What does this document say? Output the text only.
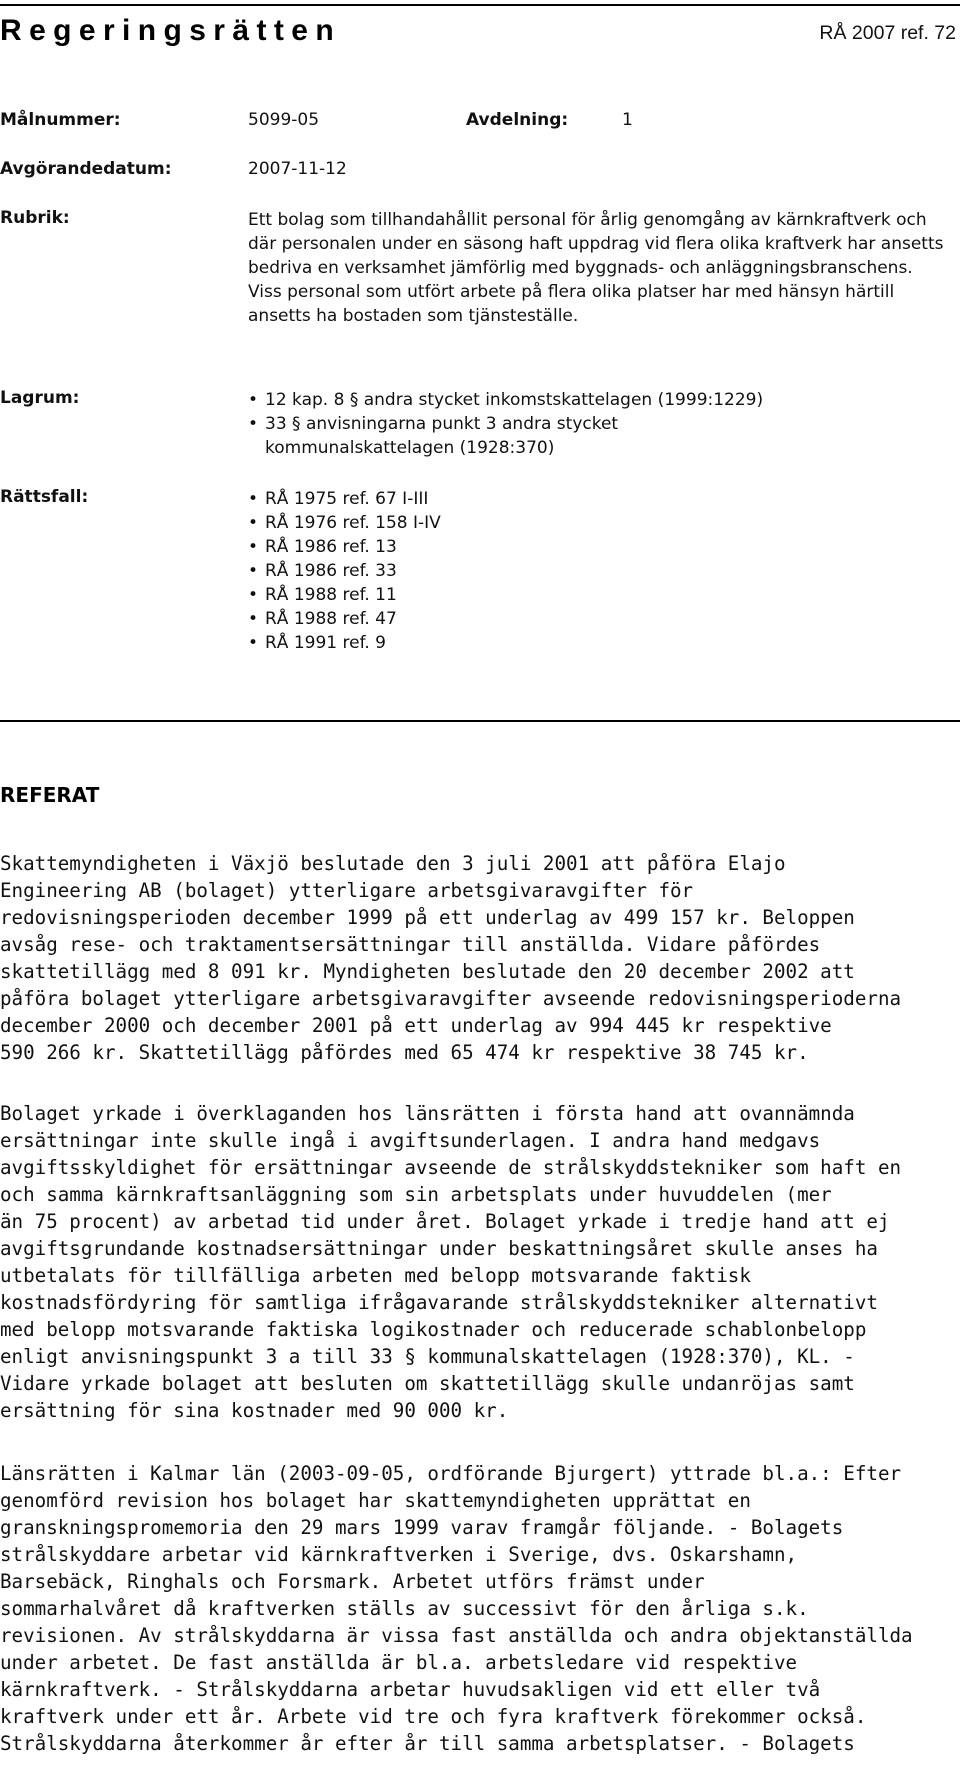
Regeringsrätten	RÅ 2007 ref. 72
Målnummer:	5099-05	Avdelning:	1
Avgörandedatum:	2007-11-12
Rubrik:	Ett bolag som tillhandahållit personal för årlig genomgång av kärnkraftverk och där personalen under en säsong haft uppdrag vid flera olika kraftverk har ansetts bedriva en verksamhet jämförlig med byggnads- och anläggningsbranschens. Viss personal som utfört arbete på flera olika platser har med hänsyn härtill ansetts ha bostaden som tjänsteställe.
Lagrum:	• 12 kap. 8 § andra stycket inkomstskattelagen (1999:1229)
• 33 § anvisningarna punkt 3 andra stycket
kommunalskattelagen (1928:370)
Rättsfall:	• RÅ 1975 ref. 67 I-III
• RÅ 1976 ref. 158 I-IV
• RÅ 1986 ref. 13
• RÅ 1986 ref. 33
• RÅ 1988 ref. 11
• RÅ 1988 ref. 47
• RÅ 1991 ref. 9
REFERAT
Skattemyndigheten i Växjö beslutade den 3 juli 2001 att påföra Elajo
Engineering AB (bolaget) ytterligare arbetsgivaravgifter för
redovisningsperioden december 1999 på ett underlag av 499 157 kr. Beloppen
avsåg rese- och traktamentsersättningar till anställda. Vidare påfördes
skattetillägg med 8 091 kr. Myndigheten beslutade den 20 december 2002 att
påföra bolaget ytterligare arbetsgivaravgifter avseende redovisningsperioderna
december 2000 och december 2001 på ett underlag av 994 445 kr respektive
590 266 kr. Skattetillägg påfördes med 65 474 kr respektive 38 745 kr.
Bolaget yrkade i överklaganden hos länsrätten i första hand att ovannämnda
ersättningar inte skulle ingå i avgiftsunderlagen. I andra hand medgavs
avgiftsskyldighet för ersättningar avseende de strålskyddstekniker som haft en
och samma kärnkraftsanläggning som sin arbetsplats under huvuddelen (mer
än 75 procent) av arbetad tid under året. Bolaget yrkade i tredje hand att ej
avgiftsgrundande kostnadsersättningar under beskattningsåret skulle anses ha
utbetalats för tillfälliga arbeten med belopp motsvarande faktisk
kostnadsfördyring för samtliga ifrågavarande strålskyddstekniker alternativt
med belopp motsvarande faktiska logikostnader och reducerade schablonbelopp
enligt anvisningspunkt 3 a till 33 § kommunalskattelagen (1928:370), KL. -
Vidare yrkade bolaget att besluten om skattetillägg skulle undanröjas samt
ersättning för sina kostnader med 90 000 kr.
Länsrätten i Kalmar län (2003-09-05, ordförande Bjurgert) yttrade bl.a.: Efter
genomförd revision hos bolaget har skattemyndigheten upprättat en
granskningspromemoria den 29 mars 1999 varav framgår följande. - Bolagets
strålskyddare arbetar vid kärnkraftverken i Sverige, dvs. Oskarshamn,
Barsebäck, Ringhals och Forsmark. Arbetet utförs främst under
sommarhalvåret då kraftverken ställs av successivt för den årliga s.k.
revisionen. Av strålskyddarna är vissa fast anställda och andra objektanställda
under arbetet. De fast anställda är bl.a. arbetsledare vid respektive
kärnkraftverk. - Strålskyddarna arbetar huvudsakligen vid ett eller två
kraftverk under ett år. Arbete vid tre och fyra kraftverk förekommer också.
Strålskyddarna återkommer år efter år till samma arbetsplatser. - Bolagets
